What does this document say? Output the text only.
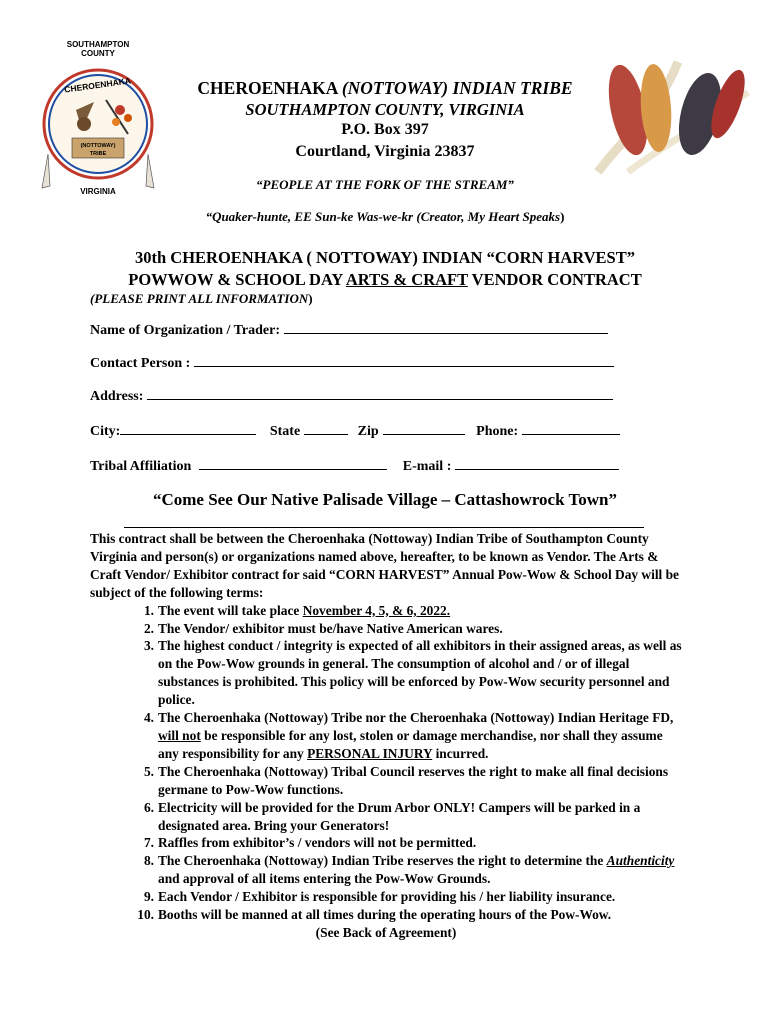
SOUTHAMPTON
COUNTY
CHEROENHAKA
(NOTTOWAY)
TRIBE
VIRGINIA
CHEROENHAKA (NOTTOWAY) INDIAN TRIBE
SOUTHAMPTON COUNTY, VIRGINIA
P.O. Box 397
Courtland, Virginia 23837
“PEOPLE AT THE FORK OF THE STREAM”
“Quaker-hunte, EE Sun-ke Was-we-kr (Creator, My Heart Speaks)
30th CHEROENHAKA ( NOTTOWAY) INDIAN “CORN HARVEST”
POWWOW & SCHOOL DAY ARTS & CRAFT VENDOR CONTRACT
(PLEASE PRINT ALL INFORMATION)
Name of Organization / Trader:
Contact Person :
Address:
City:	State	Zip	Phone:
Tribal Affiliation	E-mail :
“Come See Our Native Palisade Village – Cattashowrock Town”
This contract shall be between the Cheroenhaka (Nottoway) Indian Tribe of Southampton County Virginia and person(s) or organizations named above, hereafter, to be known as Vendor. The Arts & Craft Vendor/ Exhibitor contract for said “CORN HARVEST” Annual Pow-Wow & School Day will be subject of the following terms:
1. The event will take place November 4, 5, & 6, 2022.
2. The Vendor/ exhibitor must be/have Native American wares.
3. The highest conduct / integrity is expected of all exhibitors in their assigned areas, as well as on the Pow-Wow grounds in general. The consumption of alcohol and / or of illegal substances is prohibited. This policy will be enforced by Pow-Wow security personnel and police.
4. The Cheroenhaka (Nottoway) Tribe nor the Cheroenhaka (Nottoway) Indian Heritage FD, will not be responsible for any lost, stolen or damage merchandise, nor shall they assume any responsibility for any PERSONAL INJURY incurred.
5. The Cheroenhaka (Nottoway) Tribal Council reserves the right to make all final decisions germane to Pow-Wow functions.
6. Electricity will be provided for the Drum Arbor ONLY! Campers will be parked in a designated area. Bring your Generators!
7. Raffles from exhibitor’s / vendors will not be permitted.
8. The Cheroenhaka (Nottoway) Indian Tribe reserves the right to determine the Authenticity and approval of all items entering the Pow-Wow Grounds.
9. Each Vendor / Exhibitor is responsible for providing his / her liability insurance.
10. Booths will be manned at all times during the operating hours of the Pow-Wow.
(See Back of Agreement)
